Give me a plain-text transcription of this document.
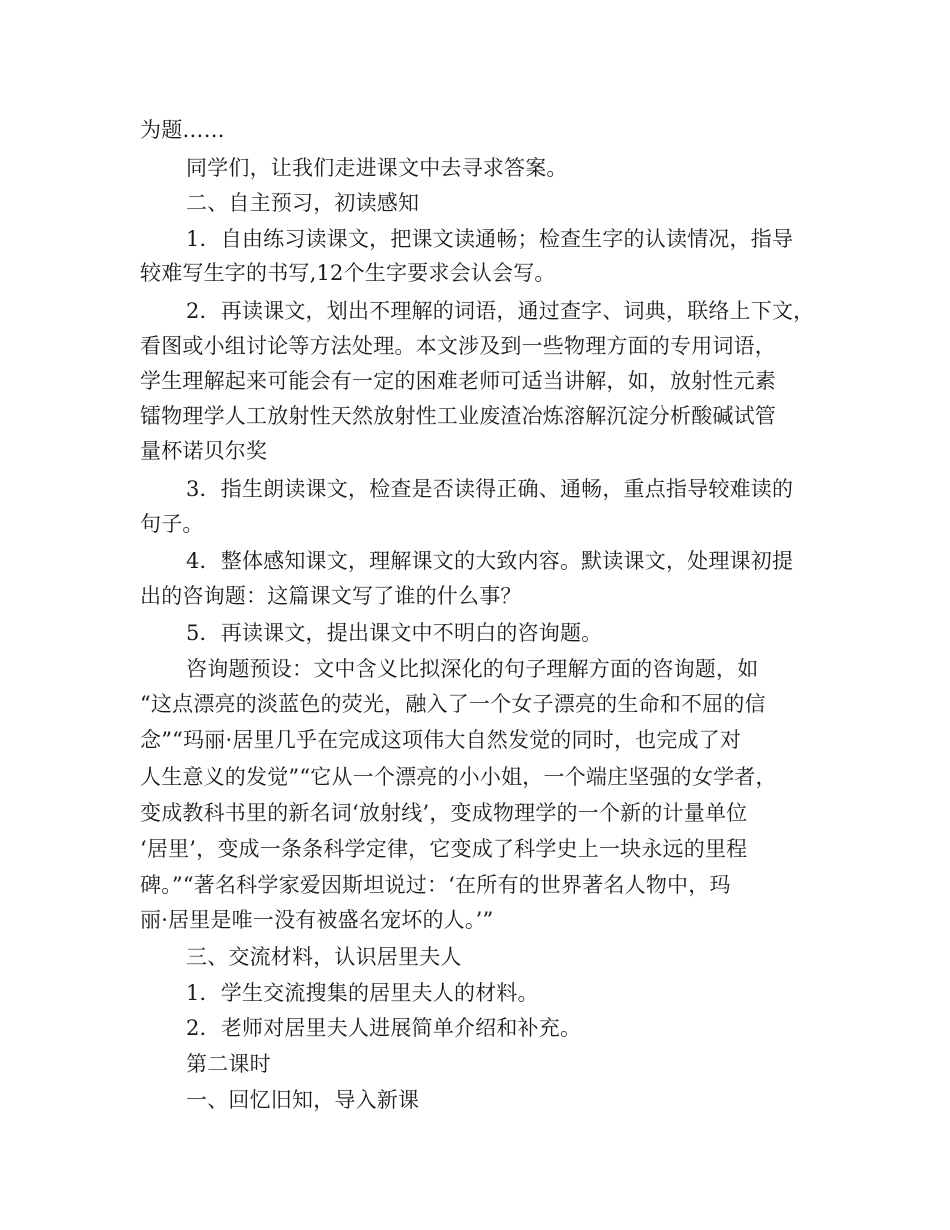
为题……
同学们，让我们走进课文中去寻求答案。
二、自主预习，初读感知
1．自由练习读课文，把课文读通畅；检查生字的认读情况，指导
较难写生字的书写,12个生字要求会认会写。
2．再读课文，划出不理解的词语，通过查字、词典，联络上下文，
看图或小组讨论等方法处理。本文涉及到一些物理方面的专用词语，
学生理解起来可能会有一定的困难老师可适当讲解，如，放射性元素
镭物理学人工放射性天然放射性工业废渣冶炼溶解沉淀分析酸碱试管
量杯诺贝尔奖
3．指生朗读课文，检查是否读得正确、通畅，重点指导较难读的
句子。
4．整体感知课文，理解课文的大致内容。默读课文，处理课初提
出的咨询题：这篇课文写了谁的什么事？
5．再读课文，提出课文中不明白的咨询题。
咨询题预设：文中含义比拟深化的句子理解方面的咨询题，如
“这点漂亮的淡蓝色的荧光，融入了一个女子漂亮的生命和不屈的信
念”“玛丽·居里几乎在完成这项伟大自然发觉的同时，也完成了对
人生意义的发觉”“它从一个漂亮的小小姐，一个端庄坚强的女学者，
变成教科书里的新名词‘放射线’，变成物理学的一个新的计量单位
‘居里’，变成一条条科学定律，它变成了科学史上一块永远的里程
碑。”“著名科学家爱因斯坦说过：‘在所有的世界著名人物中，玛
丽·居里是唯一没有被盛名宠坏的人。’”
三、交流材料，认识居里夫人
1．学生交流搜集的居里夫人的材料。
2．老师对居里夫人进展简单介绍和补充。
第二课时
一、回忆旧知，导入新课
